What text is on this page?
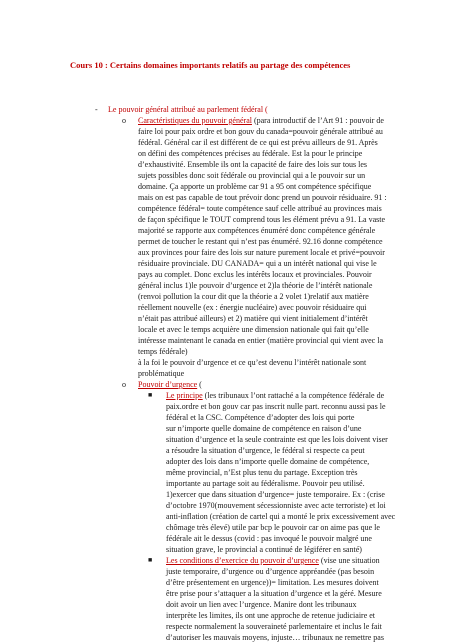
Cours 10 : Certains domaines importants relatifs au partage des compétences
- Le pouvoir général attribué au parlement fédéral (
o Caractéristiques du pouvoir général (para introductif de l’Art 91 : pouvoir de
faire loi pour paix ordre et bon gouv du canada=pouvoir générale attribué au
fédéral. Général car il est différent de ce qui est prévu ailleurs de 91. Après
on défini des compétences précises au fédérale. Est la pour le principe
d’exhaustivité. Ensemble ils ont la capacité de faire des lois sur tous les
sujets possibles donc soit fédérale ou provincial qui a le pouvoir sur un
domaine. Ça apporte un problème car 91 a 95 ont compétence spécifique
mais on est pas capable de tout prévoir donc prend un pouvoir résiduaire. 91 :
compétence fédéral= toute compétence sauf celle attribué au provinces mais
de façon spécifique le TOUT comprend tous les élément prévu a 91. La vaste
majorité se rapporte aux compétences énuméré donc compétence générale
permet de toucher le restant qui n’est pas énuméré. 92.16 donne compétence
aux provinces pour faire des lois sur nature purement locale et privé=pouvoir
résiduaire provinciale. DU CANADA= qui a un intérêt national qui vise le
pays au complet. Donc exclus les intérêts locaux et provinciales. Pouvoir
général inclus 1)le pouvoir d’urgence et 2)la théorie de l’intérêt nationale
(renvoi pollution la cour dit que la théorie a 2 volet 1)relatif aux matière
réellement nouvelle (ex : énergie nucléaire) avec pouvoir résiduaire qui
n’était pas attribué ailleurs) et 2) matière qui vient initialement d’intérêt
locale et avec le temps acquière une dimension nationale qui fait qu’elle
intéresse maintenant le canada en entier (matière provincial qui vient avec la
temps fédérale)
à la foi le pouvoir d’urgence et ce qu’est devenu l’intérêt nationale sont
problématique
o Pouvoir d’urgence (
■ Le principe (les tribunaux l’ont rattaché a la compétence fédérale de
paix.ordre et bon gouv car pas inscrit nulle part. reconnu aussi pas le
fédéral et la CSC. Compétence d’adopter des lois qui porte
sur n’importe quelle domaine de compétence en raison d’une
situation d’urgence et la seule contrainte est que les lois doivent viser
a résoudre la situation d’urgence, le fédéral si respecte ca peut
adopter des lois dans n’importe quelle domaine de compétence,
même provincial, n’Est plus tenu du partage. Exception très
importante au partage soit au fédéralisme. Pouvoir peu utilisé.
1)exercer que dans situation d’urgence= juste temporaire. Ex : (crise
d’octobre 1970(mouvement sécessionniste avec acte terroriste) et loi
anti-inflation (création de cartel qui a monté le prix excessivement avec
chômage très élevé) utile par bcp le pouvoir car on aime pas que le
fédérale ait le dessus (covid : pas invoqué le pouvoir malgré une
situation grave, le provincial a continué de légiférer en santé)
■ Les conditions d’exercice du pouvoir d’urgence (vise une situation
juste temporaire, d’urgence ou d’urgence appréandée (pas besoin
d’être présentement en urgence))= limitation. Les mesures doivent
être prise pour s’attaquer a la situation d’urgence et la géré. Mesure
doit avoir un lien avec l’urgence. Manire dont les tribunaux
interprète les limites, ils ont une approche de retenue judiciaire et
respecte normalement la souveraineté parlementaire et inclus le fait
d’autoriser les mauvais moyens, injuste… tribunaux ne remettre pas
